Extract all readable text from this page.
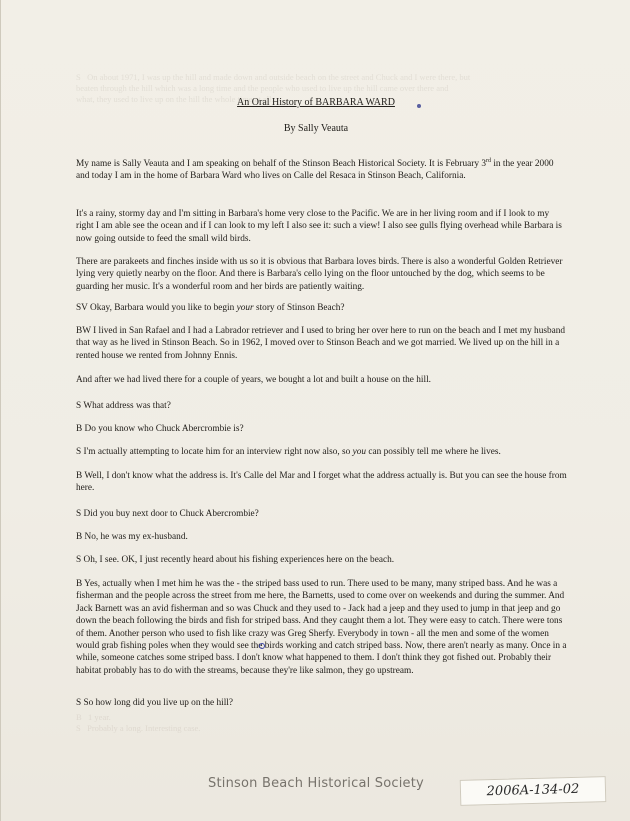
S   On about 1971, I was up the hill and made down and outside beach on the street and Chuck and I were there, but
beaten through the hill which was a long time and the people who used to live up the hill came over there and
what, they used to live up on the hill the whole time at all.
An Oral History of BARBARA WARD
By Sally Veauta

My name is Sally Veauta and I am speaking on behalf of the Stinson Beach Historical Society. It is February 3rd in the year 2000 and today I am in the home of Barbara Ward who lives on Calle del Resaca in Stinson Beach, California.

It's a rainy, stormy day and I'm sitting in Barbara's home very close to the Pacific. We are in her living room and if I look to my right I am able see the ocean and if I can look to my left I also see it: such a view! I also see gulls flying overhead while Barbara is now going outside to feed the small wild birds.

There are parakeets and finches inside with us so it is obvious that Barbara loves birds. There is also a wonderful Golden Retriever lying very quietly nearby on the floor. And there is Barbara's cello lying on the floor untouched by the dog, which seems to be guarding her music. It's a wonderful room and her birds are patiently waiting.

SV Okay, Barbara would you like to begin your story of Stinson Beach?

BW I lived in San Rafael and I had a Labrador retriever and I used to bring her over here to run on the beach and I met my husband that way as he lived in Stinson Beach. So in 1962, I moved over to Stinson Beach and we got married. We lived up on the hill in a rented house we rented from Johnny Ennis.

And after we had lived there for a couple of years, we bought a lot and built a house on the hill.

S What address was that?

B Do you know who Chuck Abercrombie is?

S I'm actually attempting to locate him for an interview right now also, so you can possibly tell me where he lives.

B Well, I don't know what the address is. It's Calle del Mar and I forget what the address actually is. But you can see the house from here.

S Did you buy next door to Chuck Abercrombie?

B No, he was my ex-husband.

S Oh, I see. OK, I just recently heard about his fishing experiences here on the beach.

B Yes, actually when I met him he was the - the striped bass used to run. There used to be many, many striped bass. And he was a fisherman and the people across the street from me here, the Barnetts, used to come over on weekends and during the summer. And Jack Barnett was an avid fisherman and so was Chuck and they used to - Jack had a jeep and they used to jump in that jeep and go down the beach following the birds and fish for striped bass. And they caught them a lot. They were easy to catch. There were tons of them. Another person who used to fish like crazy was Greg Sherfy. Everybody in town - all the men and some of the women would grab fishing poles when they would see the birds working and catch striped bass. Now, there aren't nearly as many. Once in a while, someone catches some striped bass. I don't know what happened to them. I don't think they got fished out. Probably their habitat probably has to do with the streams, because they're like salmon, they go upstream.

S So how long did you live up on the hill?

B   1 year.
S   Probably a long. Interesting case.
Stinson Beach Historical Society	2006A-134-02
